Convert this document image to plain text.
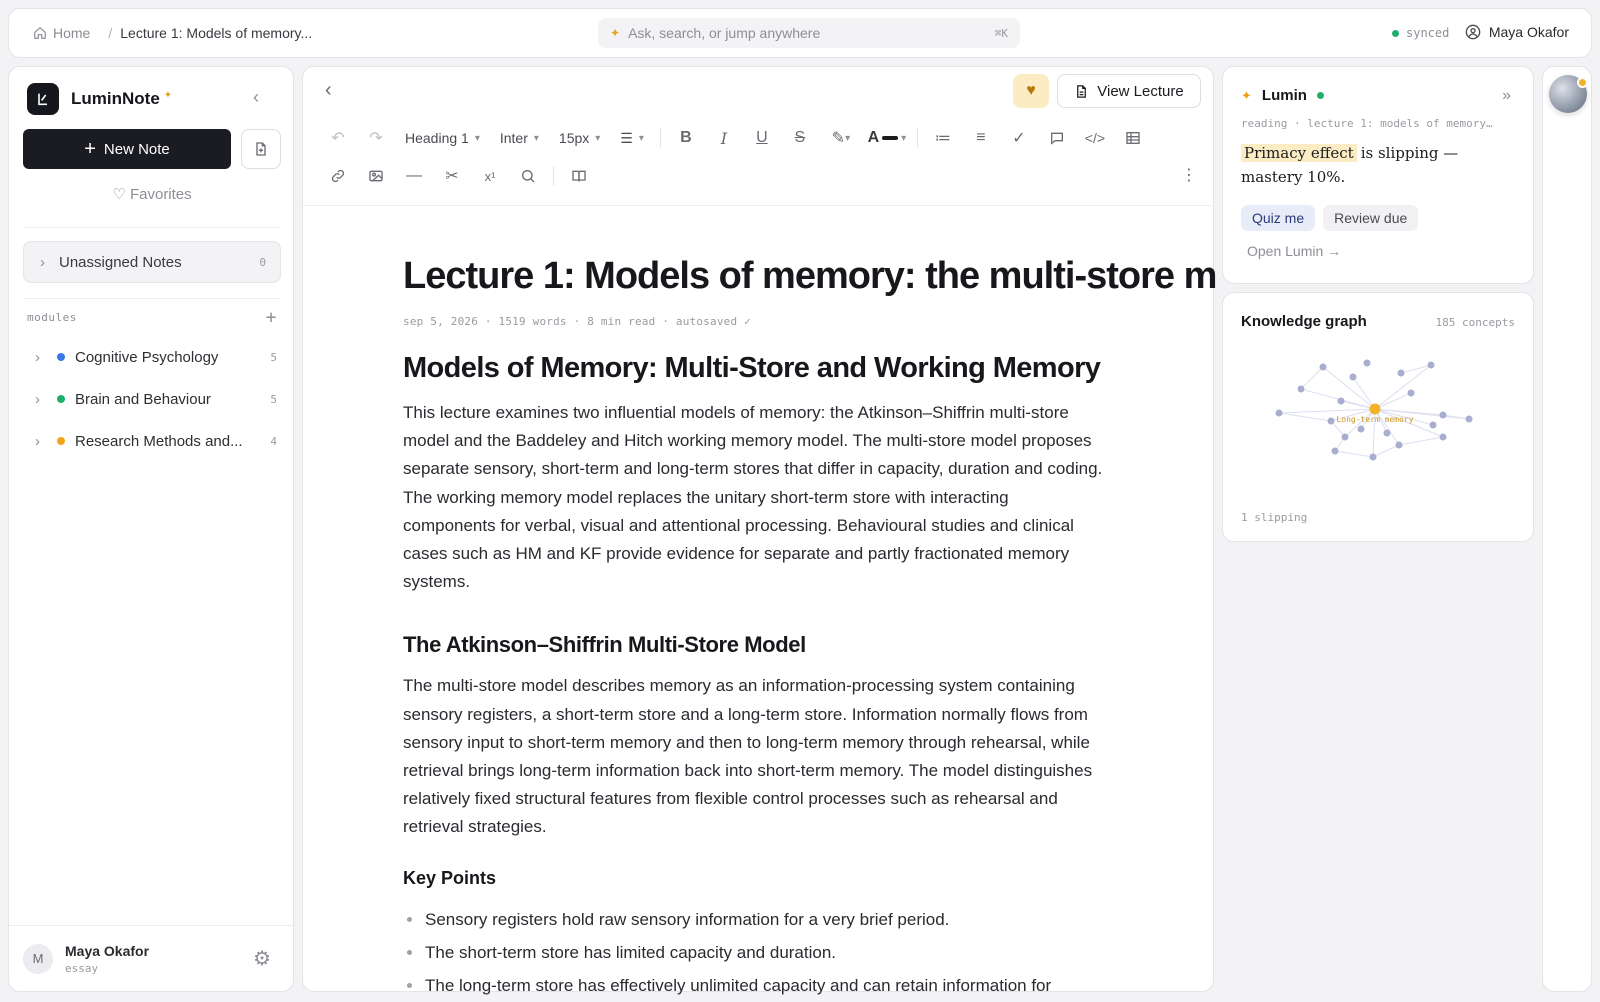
Home / Lecture 1: Models of memory...	✦ Ask, search, or jump anywhere	⌘K	synced	Maya Okafor
LuminNote ✦	‹
+ New Note
♡ Favorites
› Unassigned Notes	0
modules	+
›	Cognitive Psychology	5
›	Brain and Behaviour	5
›	Research Methods and...	4
M	Maya Okafor
essay	⚙
‹	♥	View Lecture
↶	↷	Heading 1 ▾ Inter ▾ 15px ▾ ☰ ▾	B	I	U	S	✎ ▾ A ▾	≔	≡	✓	</>
—	✂	x¹	⋮
Lecture 1: Models of memory: the multi-store m
sep 5, 2026 · 1519 words · 8 min read · autosaved ✓
Models of Memory: Multi-Store and Working Memory
This lecture examines two influential models of memory: the Atkinson–Shiffrin multi-store model and the Baddeley and Hitch working memory model. The multi-store model proposes separate sensory, short-term and long-term stores that differ in capacity, duration and coding. The working memory model replaces the unitary short-term store with interacting components for verbal, visual and attentional processing. Behavioural studies and clinical cases such as HM and KF provide evidence for separate and partly fractionated memory systems.
The Atkinson–Shiffrin Multi-Store Model
The multi-store model describes memory as an information-processing system containing sensory registers, a short-term store and a long-term store. Information normally flows from sensory input to short-term memory and then to long-term memory through rehearsal, while retrieval brings long-term information back into short-term memory. The model distinguishes relatively fixed structural features from flexible control processes such as rehearsal and retrieval strategies.
Key Points
Sensory registers hold raw sensory information for a very brief period.
The short-term store has limited capacity and duration.
The long-term store has effectively unlimited capacity and can retain information for
✦ Lumin	»
reading · lecture 1: models of memory…
Primacy effect is slipping — mastery 10%.
Quiz me	Review due
Open Lumin →
Knowledge graph	185 concepts
Long-term memory
1 slipping
